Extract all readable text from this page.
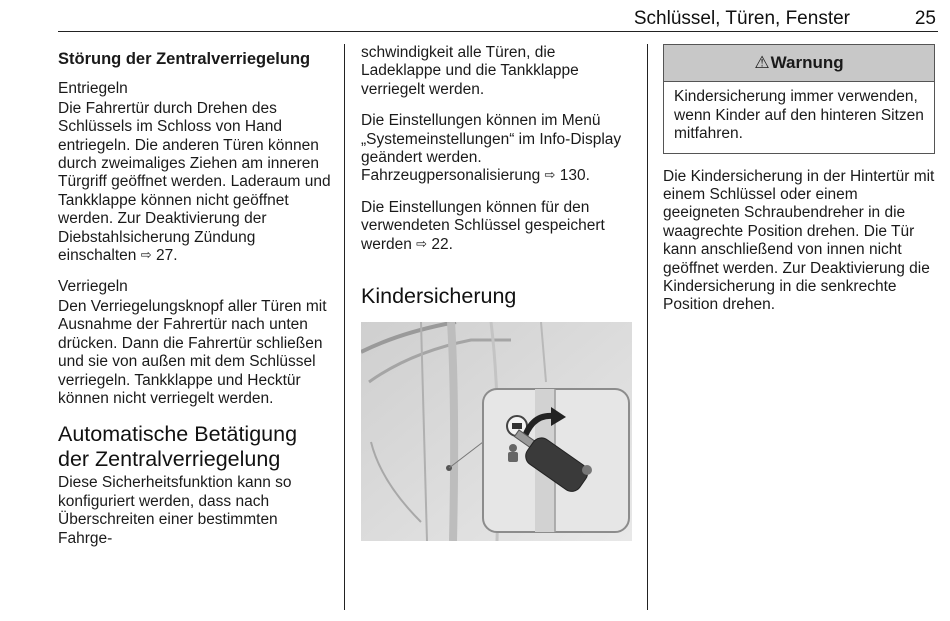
Schlüssel, Türen, Fenster	25
Störung der Zentralverriegelung
Entriegeln

Die Fahrertür durch Drehen des Schlüssels im Schloss von Hand entriegeln. Die anderen Türen können durch zweimaliges Ziehen am inneren Türgriff geöffnet werden. Laderaum und Tankklappe können nicht geöffnet werden. Zur Deaktivierung der Diebstahlsicherung Zündung einschalten ⇨ 27.

Verriegeln

Den Verriegelungsknopf aller Türen mit Ausnahme der Fahrertür nach unten drücken. Dann die Fahrertür schließen und sie von außen mit dem Schlüssel verriegeln. Tankklappe und Hecktür können nicht verriegelt werden.

Automatische Betätigung der Zentralverriegelung

Diese Sicherheitsfunktion kann so konfiguriert werden, dass nach Überschreiten einer bestimmten Fahrge-

schwindigkeit alle Türen, die Ladeklappe und die Tankklappe verriegelt werden.

Die Einstellungen können im Menü „Systemeinstellungen“ im Info-Display geändert werden. Fahrzeugpersonalisierung ⇨ 130.

Die Einstellungen können für den verwendeten Schlüssel gespeichert werden ⇨ 22.

Kindersicherung
⚠Warnung
Kindersicherung immer verwenden, wenn Kinder auf den hinteren Sitzen mitfahren.

Die Kindersicherung in der Hintertür mit einem Schlüssel oder einem geeigneten Schraubendreher in die waagrechte Position drehen. Die Tür kann anschließend von innen nicht geöffnet werden. Zur Deaktivierung die Kindersicherung in die senkrechte Position drehen.
